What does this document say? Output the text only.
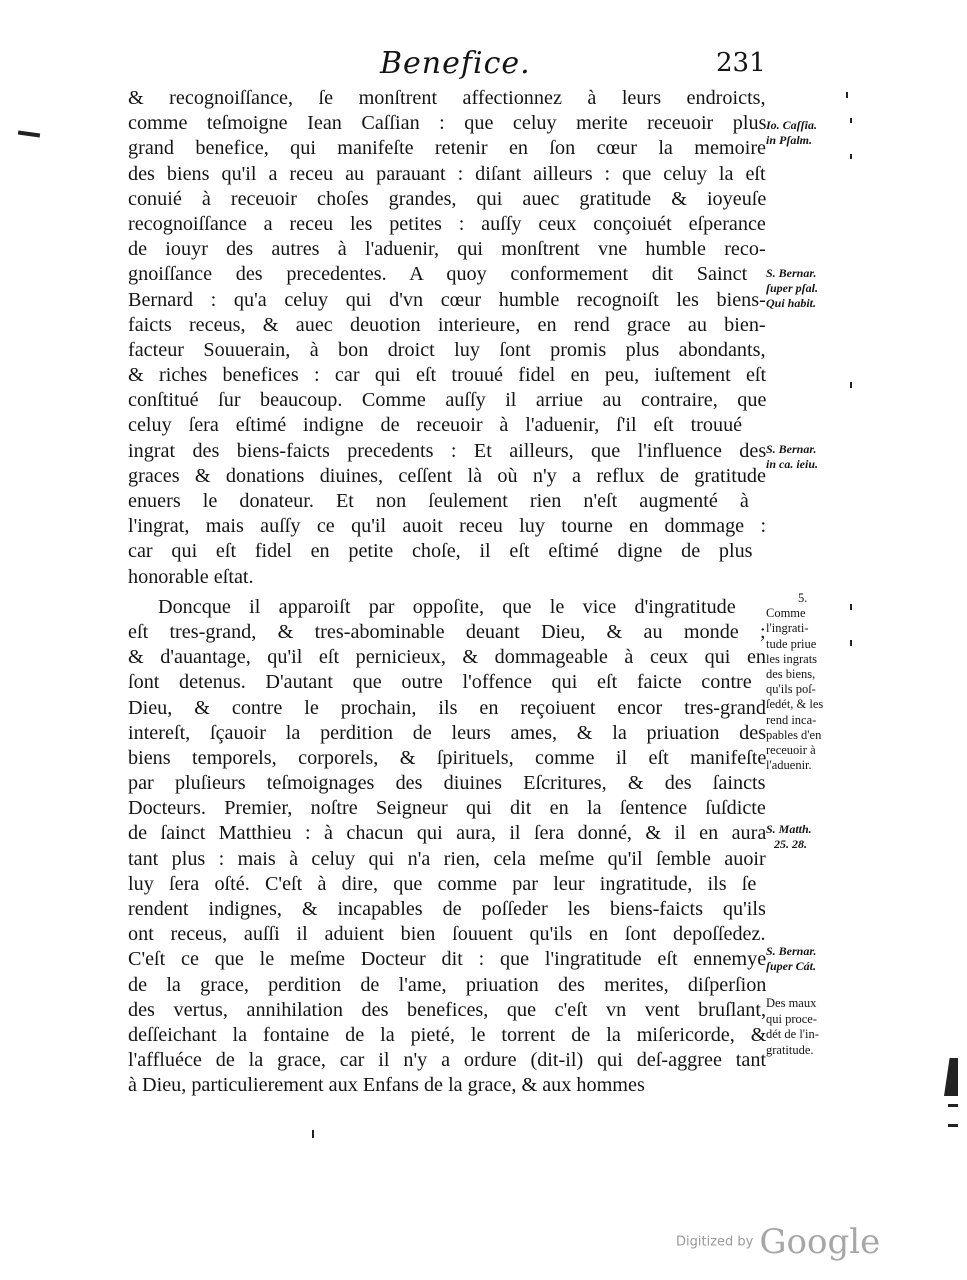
Benefice.	231
& recognoiſſance, ſe monſtrent affectionnez à leurs endroicts,
comme teſmoigne Iean Caſſian : que celuy merite receuoir plus
grand benefice, qui manifeſte retenir en ſon cœur la memoire
des biens qu'il a receu au parauant : diſant ailleurs : que celuy la eſt
conuié à receuoir choſes grandes, qui auec gratitude & ioyeuſe
recognoiſſance a receu les petites : auſſy ceux conçoiuét eſperance
de iouyr des autres à l'aduenir, qui monſtrent vne humble reco-
gnoiſſance des precedentes. A quoy conformement dit Sainct
Bernard : qu'a celuy qui d'vn cœur humble recognoiſt les biens-
faicts receus, & auec deuotion interieure, en rend grace au bien-
facteur Souuerain, à bon droict luy ſont promis plus abondants,
& riches benefices : car qui eſt trouué fidel en peu, iuſtement eſt
conſtitué ſur beaucoup. Comme auſſy il arriue au contraire, que
celuy ſera eſtimé indigne de receuoir à l'aduenir, ſ'il eſt trouué
ingrat des biens-faicts precedents : Et ailleurs, que l'influence des
graces & donations diuines, ceſſent là où n'y a reflux de gratitude
enuers le donateur. Et non ſeulement rien n'eſt augmenté à
l'ingrat, mais auſſy ce qu'il auoit receu luy tourne en dommage :
car qui eſt fidel en petite choſe, il eſt eſtimé digne de plus
honorable eſtat.
Doncque il apparoiſt par oppoſite, que le vice d'ingratitude
eſt tres-grand, & tres-abominable deuant Dieu, & au monde ;
& d'auantage, qu'il eſt pernicieux, & dommageable à ceux qui en
ſont detenus. D'autant que outre l'offence qui eſt faicte contre
Dieu, & contre le prochain, ils en reçoiuent encor tres-grand
intereſt, ſçauoir la perdition de leurs ames, & la priuation des
biens temporels, corporels, & ſpirituels, comme il eſt manifeſte
par pluſieurs teſmoignages des diuines Eſcritures, & des ſaincts
Docteurs. Premier, noſtre Seigneur qui dit en la ſentence ſuſdicte
de ſainct Matthieu : à chacun qui aura, il ſera donné, & il en aura
tant plus : mais à celuy qui n'a rien, cela meſme qu'il ſemble auoir
luy ſera oſté. C'eſt à dire, que comme par leur ingratitude, ils ſe
rendent indignes, & incapables de poſſeder les biens-faicts qu'ils
ont receus, auſſi il aduient bien ſouuent qu'ils en ſont depoſſedez.
C'eſt ce que le meſme Docteur dit : que l'ingratitude eſt ennemye
de la grace, perdition de l'ame, priuation des merites, diſperſion
des vertus, annihilation des benefices, que c'eſt vn vent bruſlant,
deſſeichant la fontaine de la pieté, le torrent de la miſericorde, &
l'affluéce de la grace, car il n'y a ordure (dit-il) qui deſ-aggree tant
à Dieu, particulierement aux Enfans de la grace, & aux hommes
Io. Caſſia.
in Pſalm.
S. Bernar.
ſuper pſal.
Qui habit.
S. Bernar.
in ca. ieiu.
5.
Comme
l'ingrati-
tude priue
les ingrats
des biens,
qu'ils poſ-
ſedét, & les
rend inca-
pables d'en
receuoir à
l'aduenir.
S. Matth.
25. 28.
S. Bernar.
ſuper Cát.
Des maux
qui proce-
dét de l'in-
gratitude.
Digitized by Google
